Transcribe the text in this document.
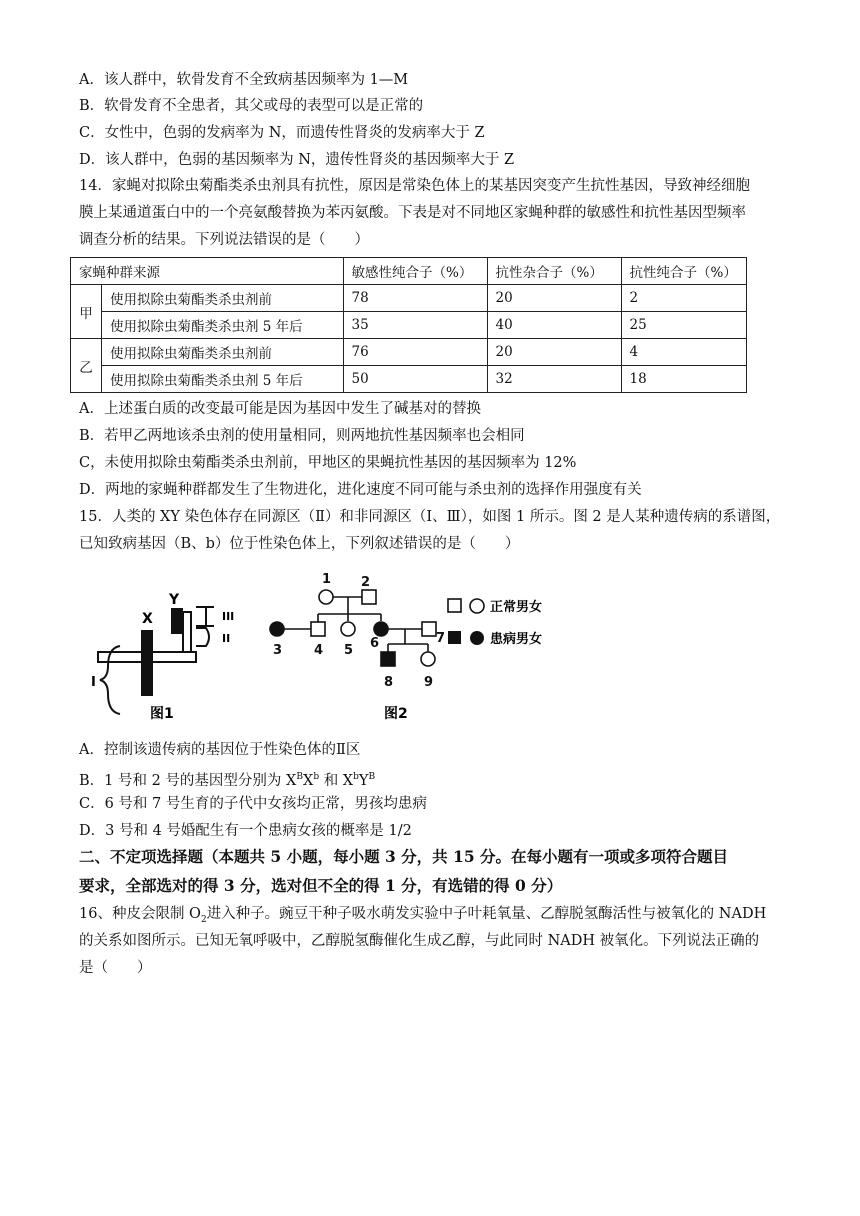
A．该人群中，软骨发育不全致病基因频率为 1—M
B．软骨发育不全患者，其父或母的表型可以是正常的
C．女性中，色弱的发病率为 N，而遗传性肾炎的发病率大于 Z
D．该人群中，色弱的基因频率为 N，遗传性肾炎的基因频率大于 Z
14．家蝇对拟除虫菊酯类杀虫剂具有抗性，原因是常染色体上的某基因突变产生抗性基因，导致神经细胞
膜上某通道蛋白中的一个亮氨酸替换为苯丙氨酸。下表是对不同地区家蝇种群的敏感性和抗性基因型频率
调查分析的结果。下列说法错误的是（　　）
家蝇种群来源		敏感性纯合子（%）	抗性杂合子（%）	抗性纯合子（%）
甲	使用拟除虫菊酯类杀虫剂前	78	20	2
	使用拟除虫菊酯类杀虫剂 5 年后	35	40	25
乙	使用拟除虫菊酯类杀虫剂前	76	20	4
	使用拟除虫菊酯类杀虫剂 5 年后	50	32	18
A．上述蛋白质的改变最可能是因为基因中发生了碱基对的替换
B．若甲乙两地该杀虫剂的使用量相同，则两地抗性基因频率也会相同
C，未使用拟除虫菊酯类杀虫剂前，甲地区的果蝇抗性基因的基因频率为 12%
D．两地的家蝇种群都发生了生物进化，进化速度不同可能与杀虫剂的选择作用强度有关
15．人类的 XY 染色体存在同源区（Ⅱ）和非同源区（Ⅰ、Ⅲ），如图 1 所示。图 2 是人某种遗传病的系谱图，
已知致病基因（B、b）位于性染色体上，下列叙述错误的是（　　）
X
Y
III
II
I
图1
1 2
3 4 5 6	7
8 9
图2
正常男女
患病男女
A．控制该遗传病的基因位于性染色体的Ⅱ区
B．1 号和 2 号的基因型分别为 $X^BX^b$ 和 $X^bY^B$
C．6 号和 7 号生育的子代中女孩均正常，男孩均患病
D．3 号和 4 号婚配生有一个患病女孩的概率是 1/2
二、不定项选择题（本题共 5 小题，每小题 3 分，共 15 分。在每小题有一项或多项符合题目
要求，全部选对的得 3 分，选对但不全的得 1 分，有选错的得 0 分）
16、种皮会限制 $O_2$进入种子。豌豆干种子吸水萌发实验中子叶耗氧量、乙醇脱氢酶活性与被氧化的 NADH
的关系如图所示。已知无氧呼吸中，乙醇脱氢酶催化生成乙醇，与此同时 NADH 被氧化。下列说法正确的
是（　　）
